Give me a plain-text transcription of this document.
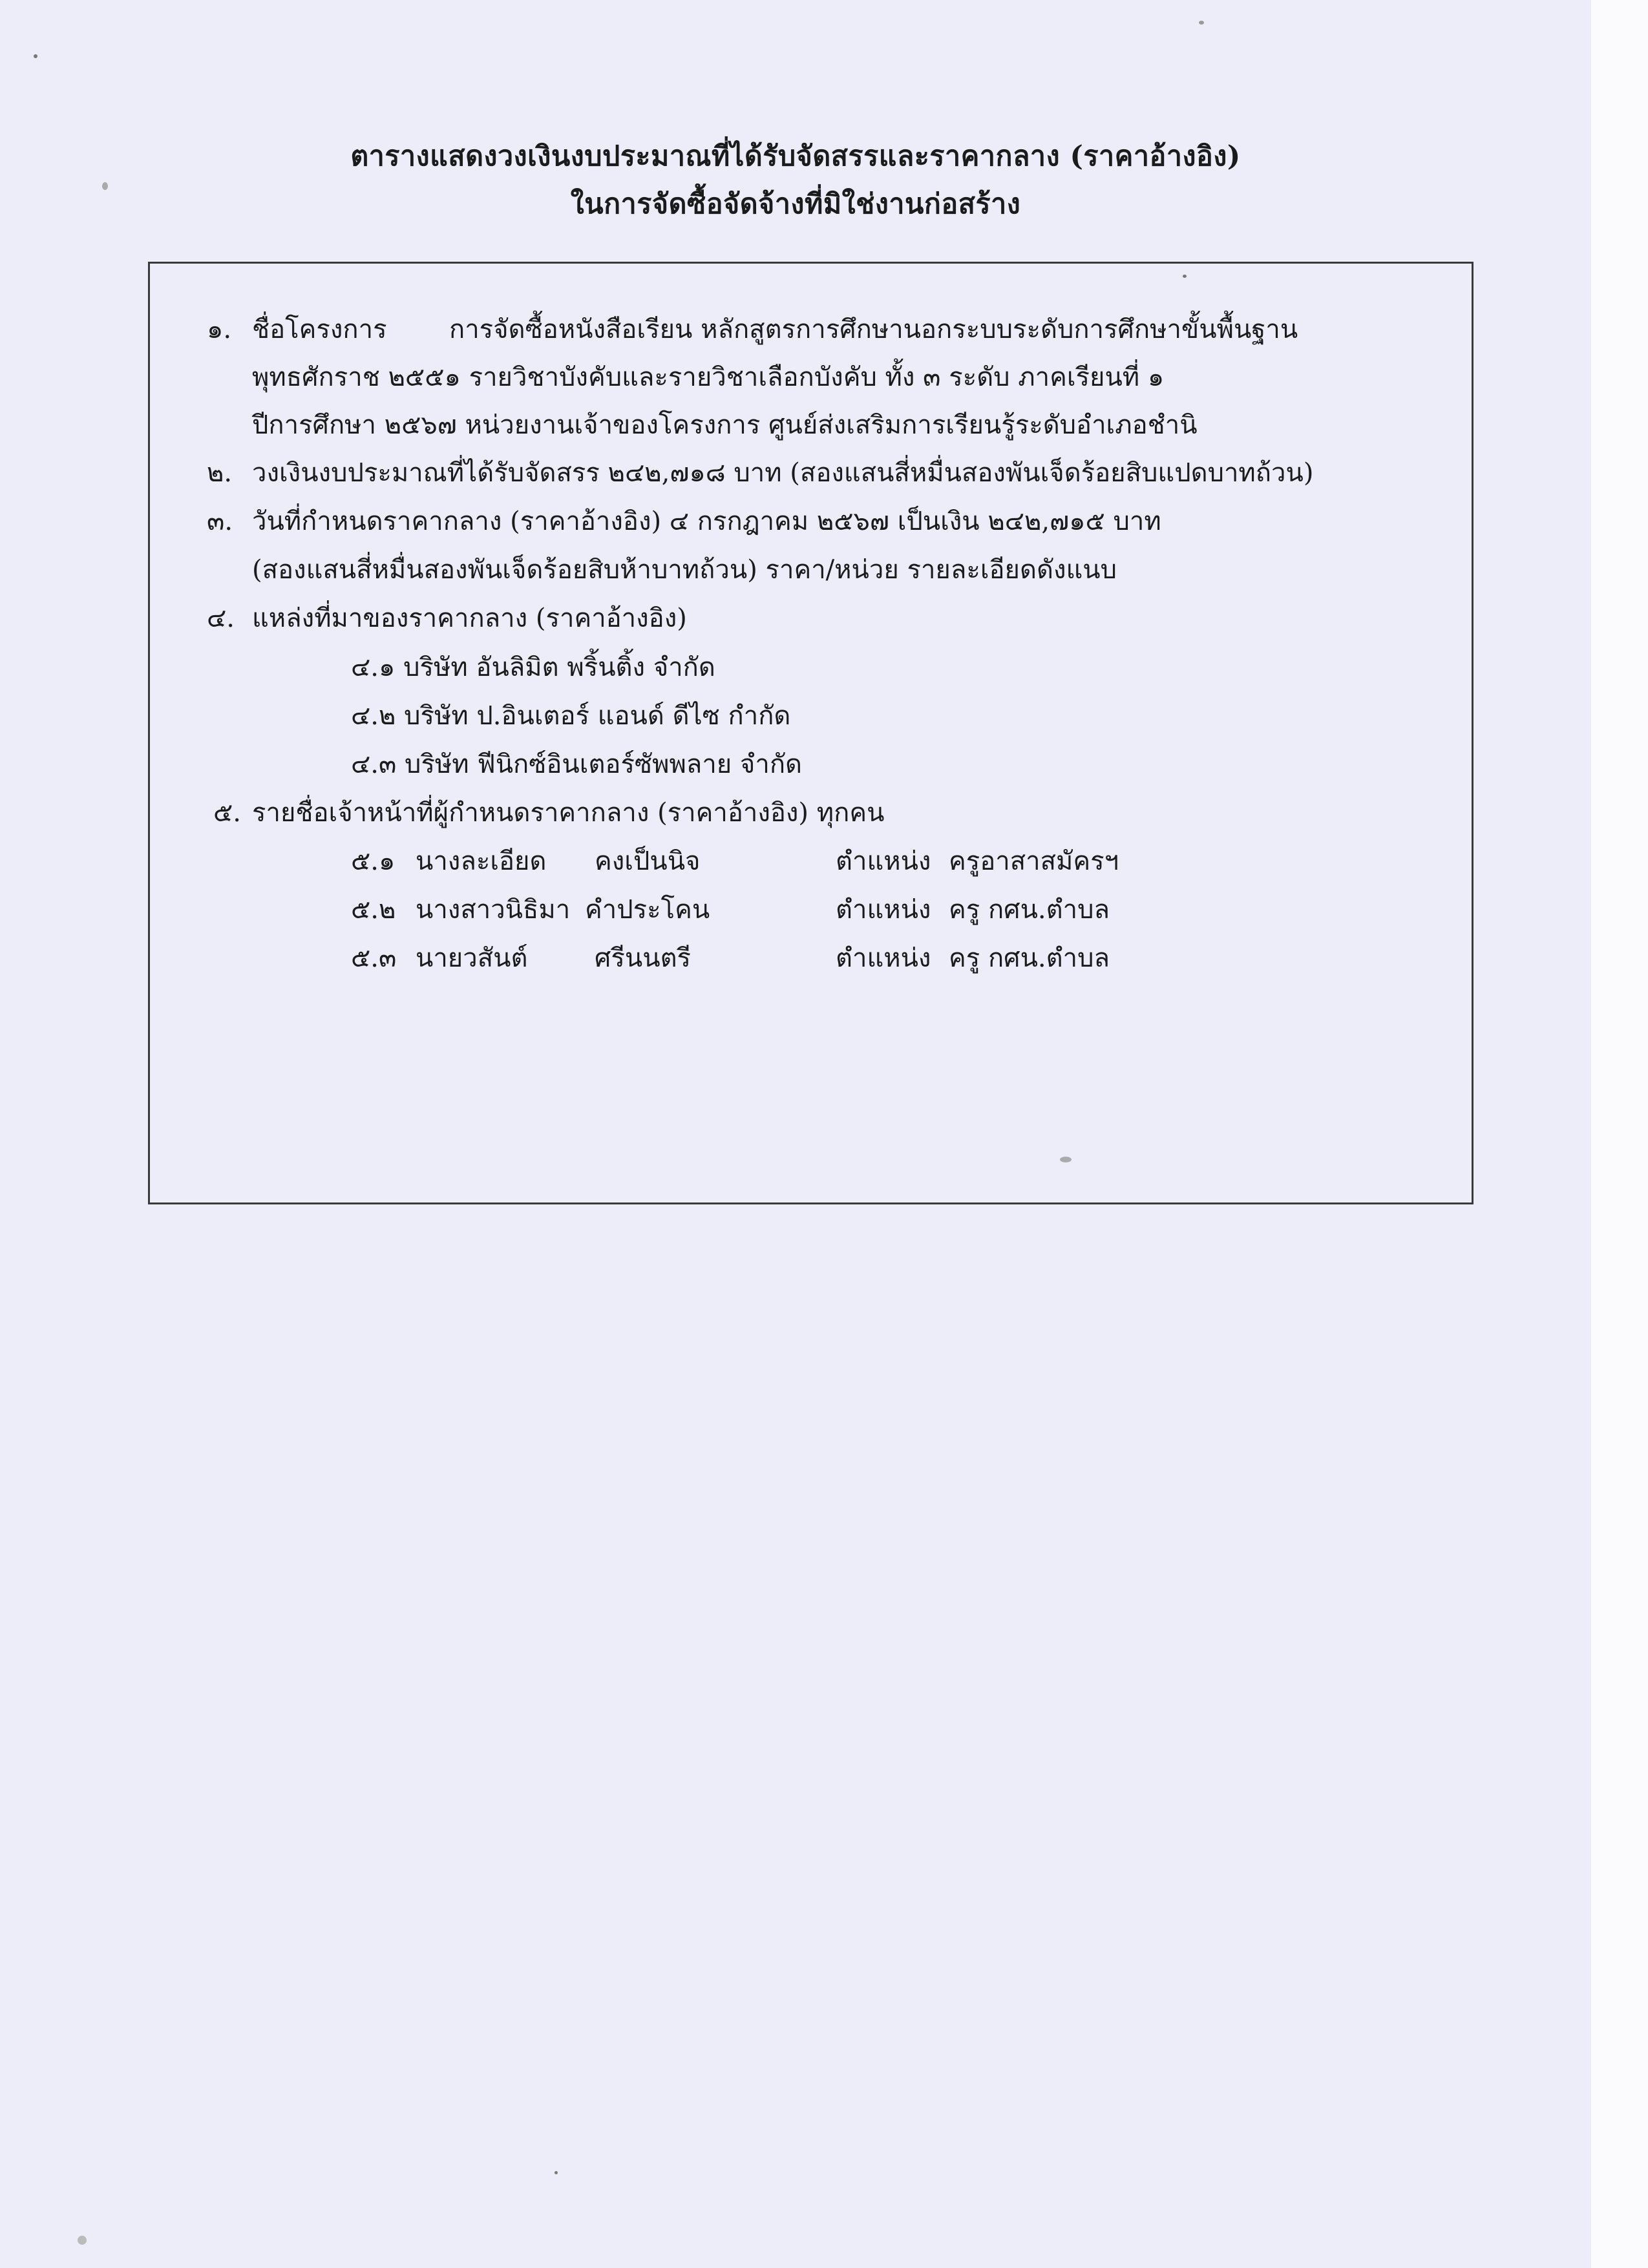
ตารางแสดงวงเงินงบประมาณที่ได้รับจัดสรรและราคากลาง (ราคาอ้างอิง)
ในการจัดซื้อจัดจ้างที่มิใช่งานก่อสร้าง
๑. ชื่อโครงการ การจัดซื้อหนังสือเรียน หลักสูตรการศึกษานอกระบบระดับการศึกษาขั้นพื้นฐาน
พุทธศักราช ๒๕๕๑ รายวิชาบังคับและรายวิชาเลือกบังคับ ทั้ง ๓ ระดับ ภาคเรียนที่ ๑
ปีการศึกษา ๒๕๖๗ หน่วยงานเจ้าของโครงการ ศูนย์ส่งเสริมการเรียนรู้ระดับอำเภอชำนิ
๒. วงเงินงบประมาณที่ได้รับจัดสรร ๒๔๒,๗๑๘ บาท (สองแสนสี่หมื่นสองพันเจ็ดร้อยสิบแปดบาทถ้วน)
๓. วันที่กำหนดราคากลาง (ราคาอ้างอิง) ๔ กรกฎาคม ๒๕๖๗ เป็นเงิน ๒๔๒,๗๑๕ บาท
(สองแสนสี่หมื่นสองพันเจ็ดร้อยสิบห้าบาทถ้วน) ราคา/หน่วย รายละเอียดดังแนบ
๔. แหล่งที่มาของราคากลาง (ราคาอ้างอิง)
๔.๑ บริษัท อันลิมิต พริ้นติ้ง จำกัด
๔.๒ บริษัท ป.อินเตอร์ แอนด์ ดีไซ กำกัด
๔.๓ บริษัท ฟีนิกซ์อินเตอร์ซัพพลาย จำกัด
๕. รายชื่อเจ้าหน้าที่ผู้กำหนดราคากลาง (ราคาอ้างอิง) ทุกคน
๕.๑ นางละเอียด คงเป็นนิจ	ตำแหน่ง ครูอาสาสมัครฯ
๕.๒ นางสาวนิธิมา คำประโคน	ตำแหน่ง ครู กศน.ตำบล
๕.๓ นายวสันต์	ศรีนนตรี	ตำแหน่ง ครู กศน.ตำบล
